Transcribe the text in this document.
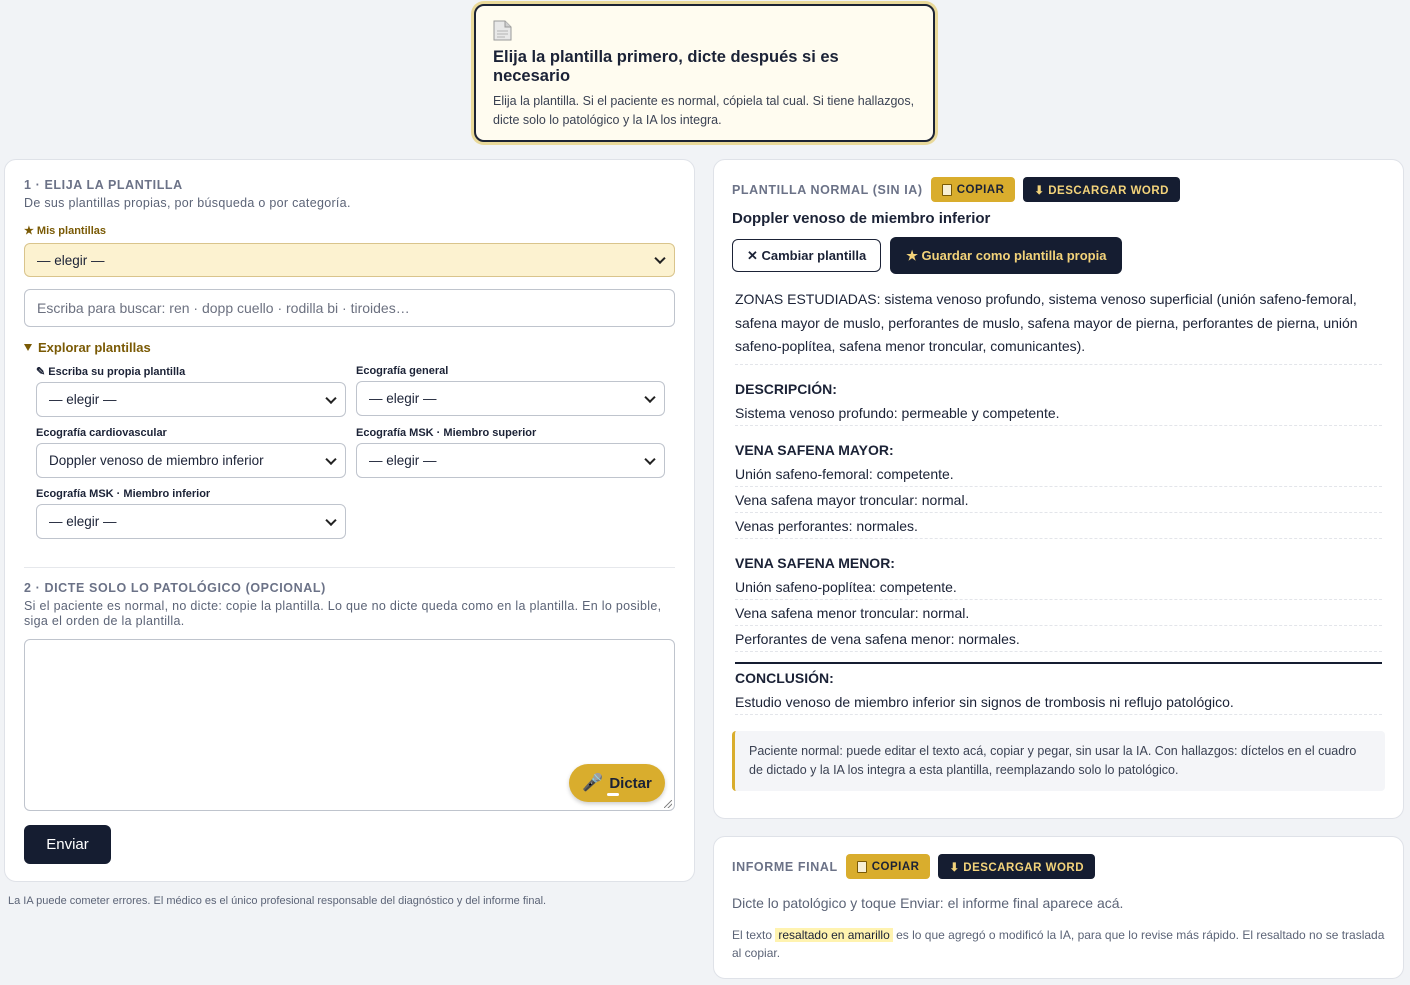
Elija la plantilla primero, dicte después si es necesario

Elija la plantilla. Si el paciente es normal, cópiela tal cual. Si tiene hallazgos, dicte solo lo patológico y la IA los integra.

1 · ELIJA LA PLANTILLA
De sus plantillas propias, por búsqueda o por categoría.
★ Mis plantillas
— elegir —
Escriba para buscar: ren · dopp cuello · rodilla bi · tiroides…
Explorar plantillas
✎ Escriba su propia plantilla
— elegir —
Ecografía general
— elegir —
Ecografía cardiovascular
Doppler venoso de miembro inferior
Ecografía MSK · Miembro superior
— elegir —
Ecografía MSK · Miembro inferior
— elegir —
2 · DICTE SOLO LO PATOLÓGICO (OPCIONAL)
Si el paciente es normal, no dicte: copie la plantilla. Lo que no dicte queda como en la plantilla. En lo posible, siga el orden de la plantilla.
🎤 Dictar
Enviar
La IA puede cometer errores. El médico es el único profesional responsable del diagnóstico y del informe final.
PLANTILLA NORMAL (SIN IA)	COPIAR	⬇ DESCARGAR WORD
Doppler venoso de miembro inferior
✕ Cambiar plantilla	★ Guardar como plantilla propia
ZONAS ESTUDIADAS: sistema venoso profundo, sistema venoso superficial (unión safeno-femoral, safena mayor de muslo, perforantes de muslo, safena mayor de pierna, perforantes de pierna, unión safeno-poplítea, safena menor troncular, comunicantes).
DESCRIPCIÓN:
Sistema venoso profundo: permeable y competente.
VENA SAFENA MAYOR:
Unión safeno-femoral: competente.
Vena safena mayor troncular: normal.
Venas perforantes: normales.
VENA SAFENA MENOR:
Unión safeno-poplítea: competente.
Vena safena menor troncular: normal.
Perforantes de vena safena menor: normales.
CONCLUSIÓN:
Estudio venoso de miembro inferior sin signos de trombosis ni reflujo patológico.
Paciente normal: puede editar el texto acá, copiar y pegar, sin usar la IA. Con hallazgos: díctelos en el cuadro de dictado y la IA los integra a esta plantilla, reemplazando solo lo patológico.
INFORME FINAL	COPIAR	⬇ DESCARGAR WORD
Dicte lo patológico y toque Enviar: el informe final aparece acá.
El texto resaltado en amarillo es lo que agregó o modificó la IA, para que lo revise más rápido. El resaltado no se traslada al copiar.
